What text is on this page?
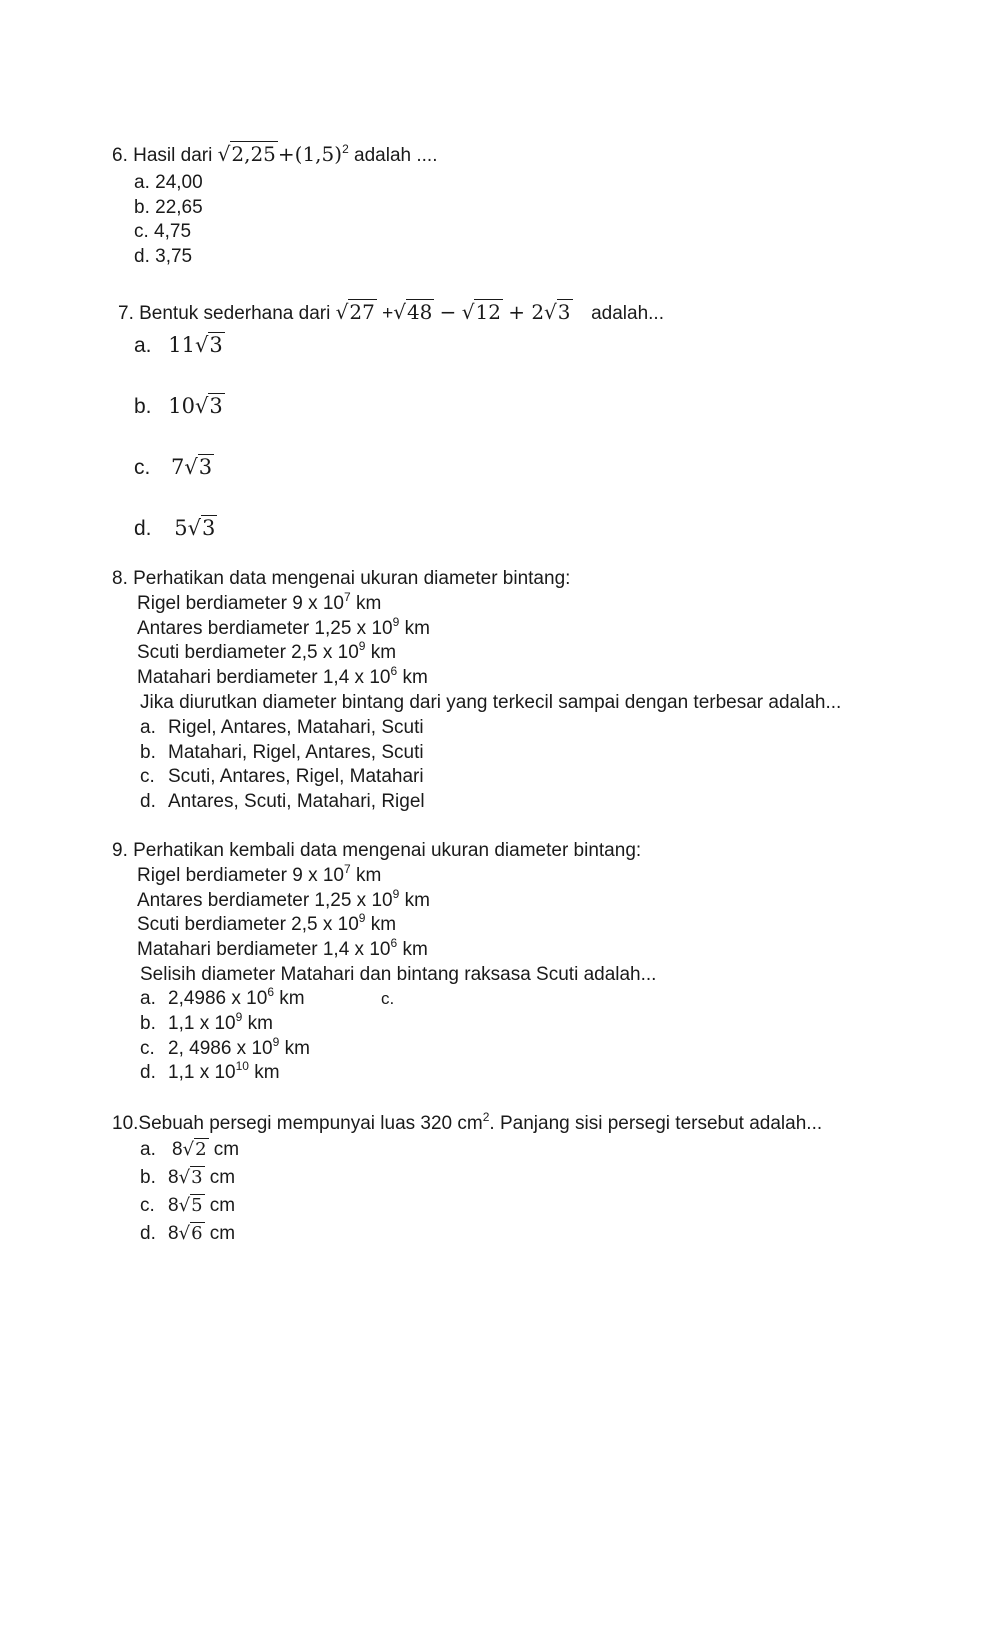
6. Hasil dari $√2,25 +(1,5)^2$ adalah ....
a. 24,00
b. 22,65
c. 4,75
d. 3,75
7. Bentuk sederhana dari √27 +√48 − √12 + 2√3 adalah...
a. 11√3
b. 10√3
c. 7√3
d. 5√3
8. Perhatikan data mengenai ukuran diameter bintang:
Rigel berdiameter 9 x $10^7$ km
Antares berdiameter 1,25 x $10^9$ km
Scuti berdiameter 2,5 x $10^9$ km
Matahari berdiameter 1,4 x $10^6$ km
Jika diurutkan diameter bintang dari yang terkecil sampai dengan terbesar adalah...
a. Rigel, Antares, Matahari, Scuti
b. Matahari, Rigel, Antares, Scuti
c. Scuti, Antares, Rigel, Matahari
d. Antares, Scuti, Matahari, Rigel
9. Perhatikan kembali data mengenai ukuran diameter bintang:
Rigel berdiameter 9 x $10^7$ km
Antares berdiameter 1,25 x $10^9$ km
Scuti berdiameter 2,5 x $10^9$ km
Matahari berdiameter 1,4 x $10^6$ km
Selisih diameter Matahari dan bintang raksasa Scuti adalah...
a. 2,4986 x $10^6$ km	c.
b. 1,1 x $10^9$ km
c. 2, 4986 x $10^9$ km
d. 1,1 x $10^{10}$ km
10.Sebuah persegi mempunyai luas 320 $cm^2$. Panjang sisi persegi tersebut adalah...
a. 8√2 cm
b. 8√3 cm
c. 8√5 cm
d. 8√6 cm
